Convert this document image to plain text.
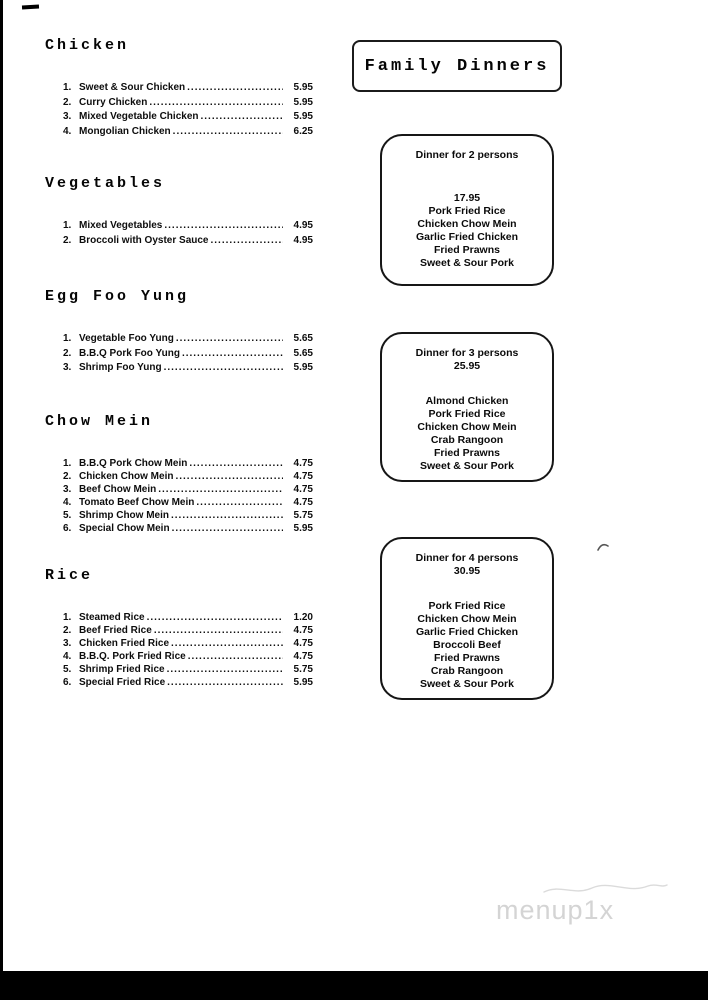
Chicken
1. Sweet & Sour Chicken .....	5.95
2. Curry Chicken .....	5.95
3. Mixed Vegetable Chicken .....	5.95
4. Mongolian Chicken .....	6.25
Vegetables
1. Mixed Vegetables .....	4.95
2. Broccoli with Oyster Sauce .....	4.95
Egg Foo Yung
1. Vegetable Foo Yung .....	5.65
2. B.B.Q Pork Foo Yung .....	5.65
3. Shrimp Foo Yung .....	5.95
Chow Mein
1. B.B.Q Pork Chow Mein .....	4.75
2. Chicken Chow Mein .....	4.75
3. Beef Chow Mein .....	4.75
4. Tomato Beef Chow Mein .....	4.75
5. Shrimp Chow Mein .....	5.75
6. Special Chow Mein .....	5.95
Rice
1. Steamed Rice .....	1.20
2. Beef Fried Rice .....	4.75
3. Chicken Fried Rice .....	4.75
4. B.B.Q. Pork Fried Rice .....	4.75
5. Shrimp Fried Rice .....	5.75
6. Special Fried Rice .....	5.95
Family Dinners
Dinner for 2 persons
17.95
Pork Fried Rice
Chicken Chow Mein
Garlic Fried Chicken
Fried Prawns
Sweet & Sour Pork
Dinner for 3 persons
25.95
Almond Chicken
Pork Fried Rice
Chicken Chow Mein
Crab Rangoon
Fried Prawns
Sweet & Sour Pork
Dinner for 4 persons
30.95
Pork Fried Rice
Chicken Chow Mein
Garlic Fried Chicken
Broccoli Beef
Fried Prawns
Crab Rangoon
Sweet & Sour Pork
menup1x
